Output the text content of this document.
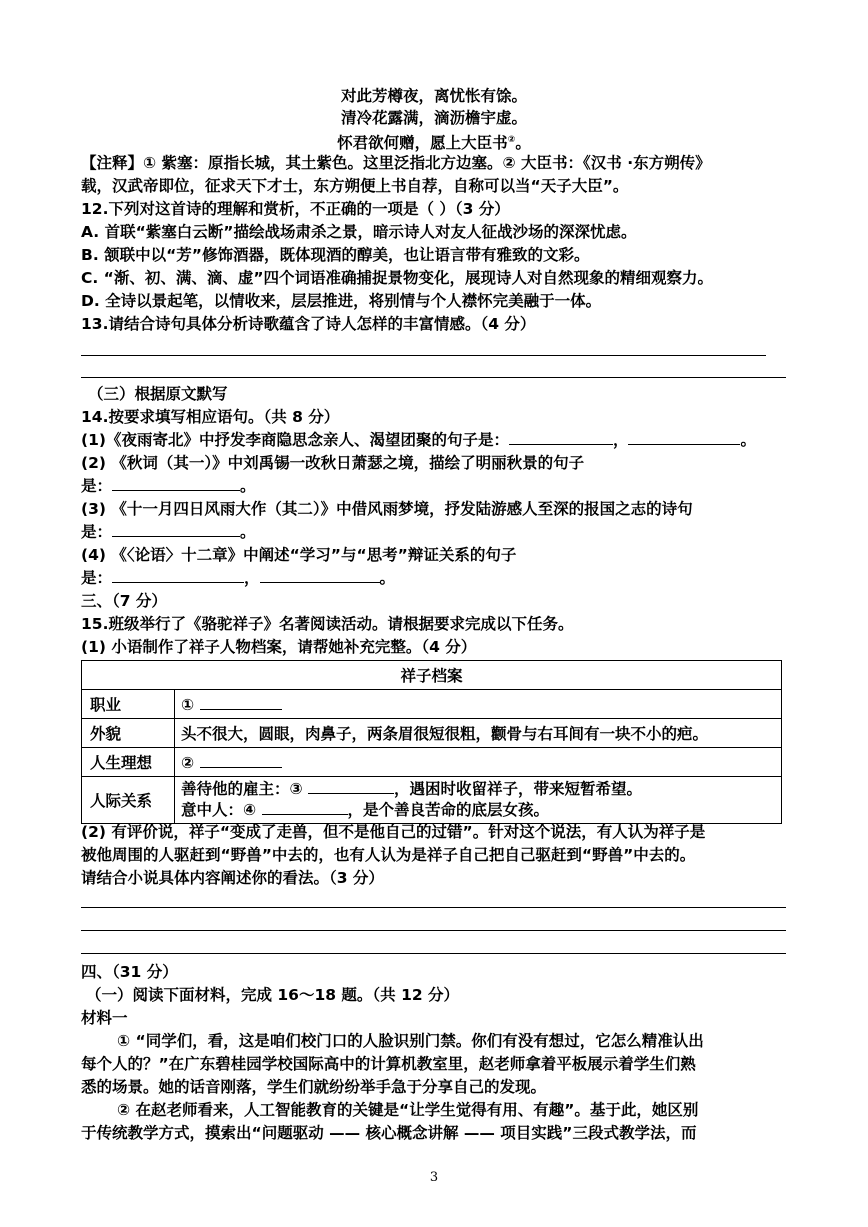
对此芳樽夜，离忧怅有馀。
清冷花露满，滴沥檐宇虚。
怀君欲何赠，愿上大臣书②。
【注释】① 紫塞：原指长城，其土紫色。这里泛指北方边塞。② 大臣书：《汉书 ·东方朔传》
载，汉武帝即位，征求天下才士，东方朔便上书自荐，自称可以当“天子大臣”。
12.下列对这首诗的理解和赏析，不正确的一项是（ ）（3 分）
A. 首联“紫塞白云断”描绘战场肃杀之景，暗示诗人对友人征战沙场的深深忧虑。
B. 颔联中以“芳”修饰酒器，既体现酒的醇美，也让语言带有雅致的文彩。
C. “渐、初、满、滴、虚”四个词语准确捕捉景物变化，展现诗人对自然现象的精细观察力。
D. 全诗以景起笔，以情收来，层层推进，将别情与个人襟怀完美融于一体。
13.请结合诗句具体分析诗歌蕴含了诗人怎样的丰富情感。（4 分）
（三）根据原文默写
14.按要求填写相应语句。（共 8 分）
(1)《夜雨寄北》中抒发李商隐思念亲人、渴望团聚的句子是：	，	。
(2) 《秋词（其一）》中刘禹锡一改秋日萧瑟之境，描绘了明丽秋景的句子
是：	。
(3) 《十一月四日风雨大作（其二）》中借风雨梦境，抒发陆游感人至深的报国之志的诗句
是：	。
(4) 《〈论语〉十二章》中阐述“学习”与“思考”辩证关系的句子
是：	，	。
三、（7 分）
15.班级举行了《骆驼祥子》名著阅读活动。请根据要求完成以下任务。
(1) 小语制作了祥子人物档案，请帮她补充完整。（4 分）
祥子档案	
职业	①
外貌	头不很大，圆眼，肉鼻子，两条眉很短很粗，颧骨与右耳间有一块不小的疤。
人生理想	②
人际关系	善待他的雇主：③ ，遇困时收留祥子，带来短暂希望。
意中人：④ ，是个善良苦命的底层女孩。
(2) 有评价说，祥子“变成了走兽，但不是他自己的过错”。针对这个说法，有人认为祥子是
被他周围的人驱赶到“野兽”中去的，也有人认为是祥子自己把自己驱赶到“野兽”中去的。
请结合小说具体内容阐述你的看法。（3 分）
四、（31 分）
（一）阅读下面材料，完成 16～18 题。（共 12 分）
材料一
① “同学们，看，这是咱们校门口的人脸识别门禁。你们有没有想过，它怎么精准认出
每个人的？”在广东碧桂园学校国际高中的计算机教室里，赵老师拿着平板展示着学生们熟
悉的场景。她的话音刚落，学生们就纷纷举手急于分享自己的发现。
② 在赵老师看来，人工智能教育的关键是“让学生觉得有用、有趣”。基于此，她区别
于传统教学方式，摸索出“问题驱动 —— 核心概念讲解 —— 项目实践”三段式教学法，而
3
